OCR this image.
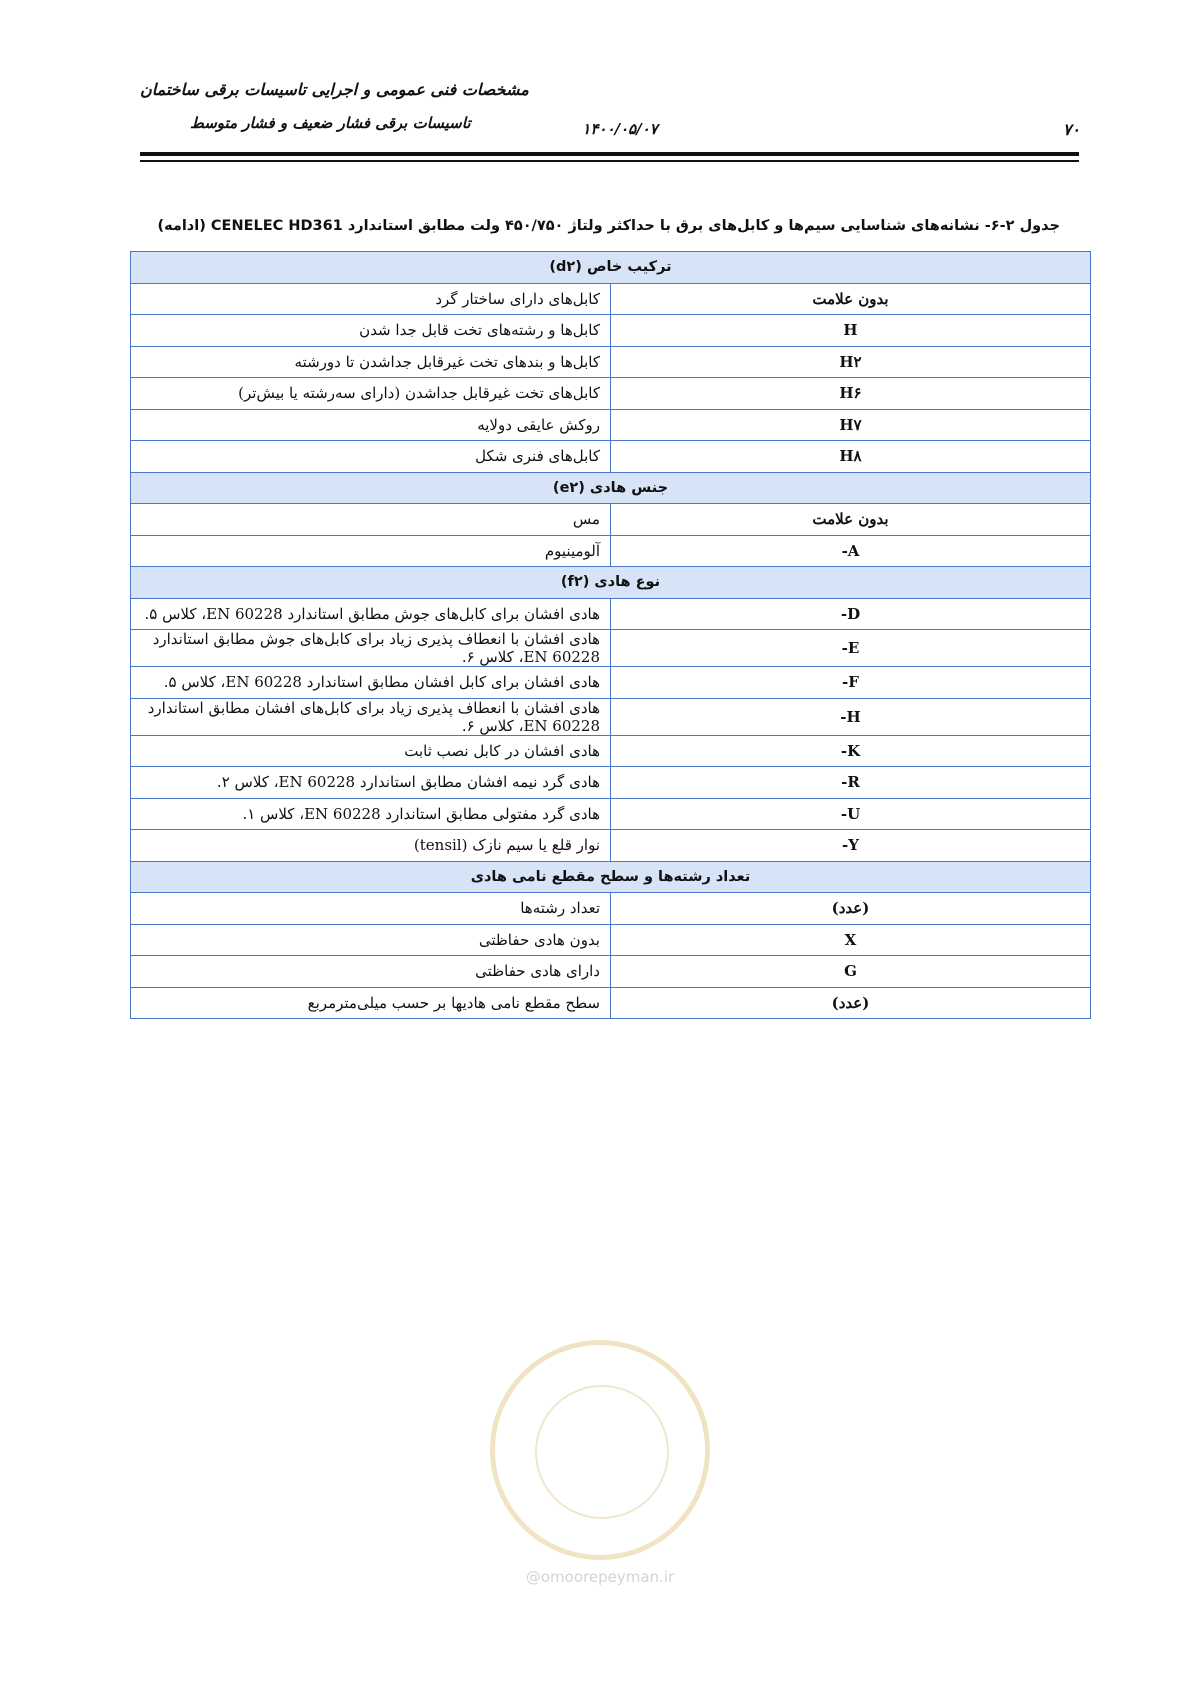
مشخصات فنی عمومی و اجرایی تاسیسات برقی ساختمان
تاسیسات برقی فشار ضعیف و فشار متوسط	۱۴۰۰/۰۵/۰۷	۷۰
جدول ۲-۶- نشانه‌های شناسایی سیم‌ها و کابل‌های برق با حداکثر ولتاژ ۴۵۰/۷۵۰ ولت مطابق استاندارد CENELEC HD361 (ادامه)
ترکیب خاص (d۲)	
بدون علامت	کابل‌های دارای ساختار گرد
H	کابل‌ها و رشته‌های تخت قابل جدا شدن
H۲	کابل‌ها و بندهای تخت غیرقابل جداشدن تا دورشته
H۶	کابل‌های تخت غیرقابل جداشدن (دارای سه‌رشته یا بیش‌تر)
H۷	روکش عایقی دولایه
H۸	کابل‌های فنری شکل
جنس هادی (e۲)	
بدون علامت	مس
A-	آلومینیوم
نوع هادی (f۲)	
D-	هادی افشان برای کابل‌های جوش مطابق استاندارد EN 60228، کلاس ۵.
E-	هادی افشان با انعطاف پذیری زیاد برای کابل‌های جوش مطابق استاندارد EN 60228، کلاس ۶.
F-	هادی افشان برای کابل افشان مطابق استاندارد EN 60228، کلاس ۵.
H-	هادی افشان با انعطاف پذیری زیاد برای کابل‌های افشان مطابق استاندارد EN 60228، کلاس ۶.
K-	هادی افشان در کابل نصب ثابت
R-	هادی گرد نیمه افشان مطابق استاندارد EN 60228، کلاس ۲.
U-	هادی گرد مفتولی مطابق استاندارد EN 60228، کلاس ۱.
Y-	نوار قلع یا سیم نازک (tensil)
تعداد رشته‌ها و سطح مقطع نامی هادی	
(عدد)	تعداد رشته‌ها
X	بدون هادی حفاظتی
G	دارای هادی حفاظتی
(عدد)	سطح مقطع نامی هادیها بر حسب میلی‌مترمربع
@omoorepeyman.ir
